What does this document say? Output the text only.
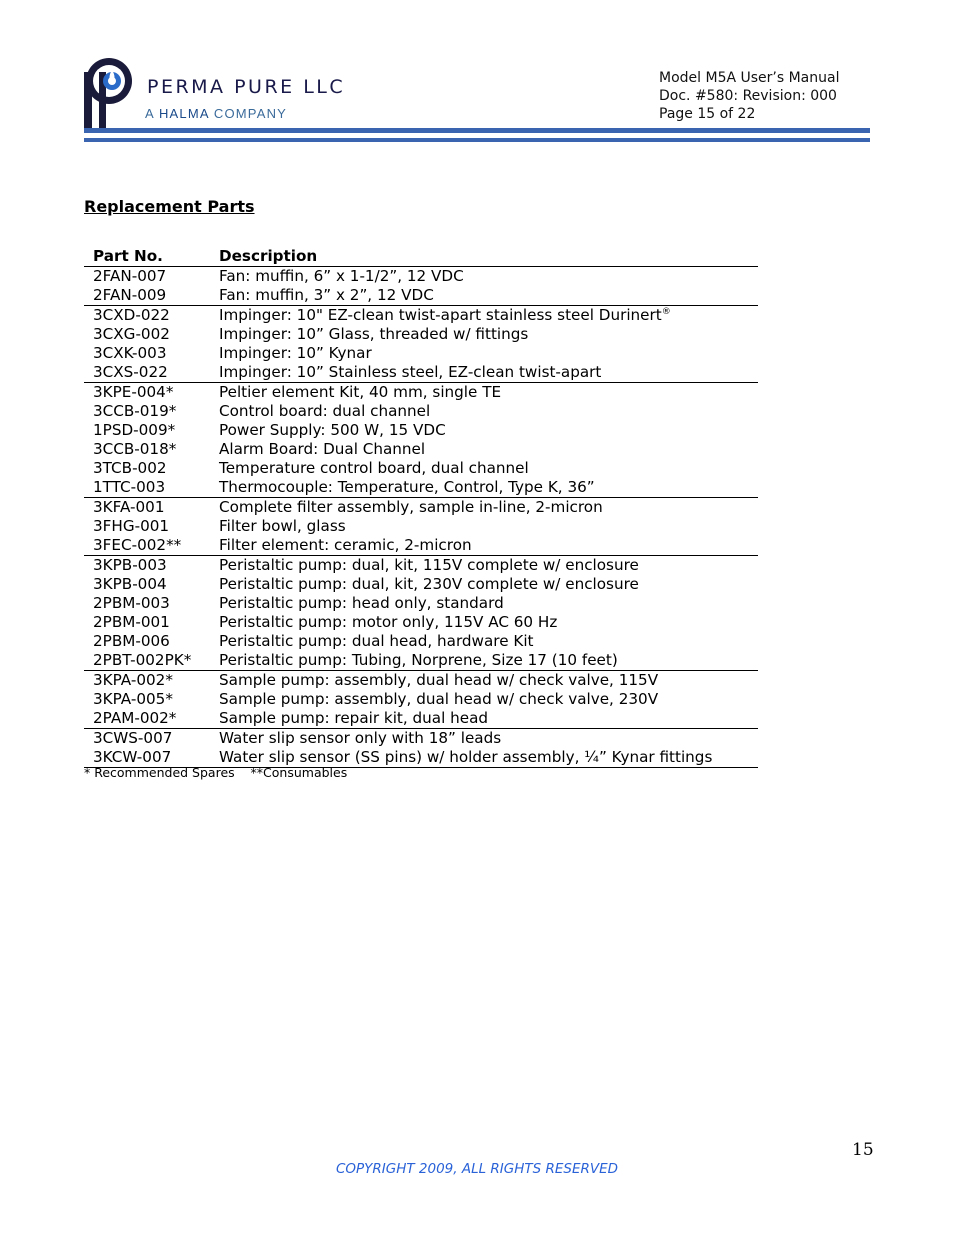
PERMA PURE LLC
A HALMA COMPANY
Model M5A User’s Manual
Doc. #580: Revision: 000
Page 15 of 22
Replacement Parts
Part No.	Description
2FAN-007	Fan: muffin, 6” x 1-1/2”, 12 VDC
2FAN-009	Fan: muffin, 3” x 2”, 12 VDC
3CXD-022	Impinger: 10" EZ-clean twist-apart stainless steel Durinert®
3CXG-002	Impinger: 10” Glass, threaded w/ fittings
3CXK-003	Impinger: 10” Kynar
3CXS-022	Impinger: 10” Stainless steel, EZ-clean twist-apart
3KPE-004*	Peltier element Kit, 40 mm, single TE
3CCB-019*	Control board: dual channel
1PSD-009*	Power Supply: 500 W, 15 VDC
3CCB-018*	Alarm Board: Dual Channel
3TCB-002	Temperature control board, dual channel
1TTC-003	Thermocouple: Temperature, Control, Type K, 36”
3KFA-001	Complete filter assembly, sample in-line, 2-micron
3FHG-001	Filter bowl, glass
3FEC-002**	Filter element: ceramic, 2-micron
3KPB-003	Peristaltic pump: dual, kit, 115V complete w/ enclosure
3KPB-004	Peristaltic pump: dual, kit, 230V complete w/ enclosure
2PBM-003	Peristaltic pump: head only, standard
2PBM-001	Peristaltic pump: motor only, 115V AC 60 Hz
2PBM-006	Peristaltic pump: dual head, hardware Kit
2PBT-002PK*	Peristaltic pump: Tubing, Norprene, Size 17 (10 feet)
3KPA-002*	Sample pump: assembly, dual head w/ check valve, 115V
3KPA-005*	Sample pump: assembly, dual head w/ check valve, 230V
2PAM-002*	Sample pump: repair kit, dual head
3CWS-007	Water slip sensor only with 18” leads
3KCW-007	Water slip sensor (SS pins) w/ holder assembly, ¼” Kynar fittings
* Recommended Spares    **Consumables
15
COPYRIGHT 2009, ALL RIGHTS RESERVED
